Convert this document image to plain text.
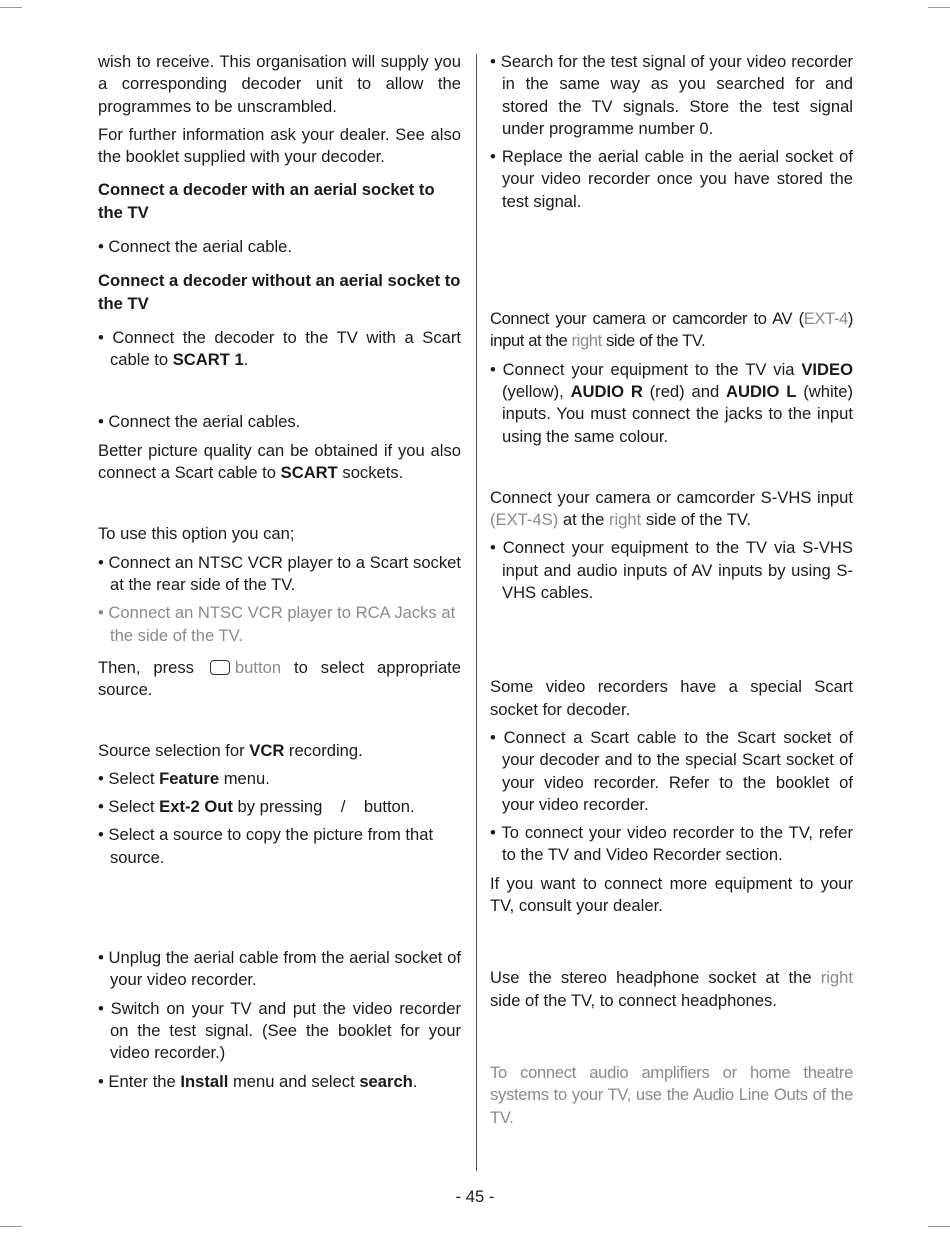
wish to receive. This organisation will supply you a corresponding decoder unit to allow the programmes to be unscrambled.

For further information ask your dealer. See also the booklet supplied with your decoder.

Connect a decoder with an aerial socket to the TV

• Connect the aerial cable.

Connect a decoder without an aerial socket to the TV

• Connect the decoder to the TV with a Scart cable to SCART 1.

• Connect the aerial cables.

Better picture quality can be obtained if you also connect a Scart cable to SCART sockets.

To use this option you can;

• Connect an NTSC VCR player to a Scart socket at the rear side of the TV.

• Connect an NTSC VCR player to RCA Jacks at the side of the TV.

Then, press button to select appropriate source.

Source selection for VCR recording.

• Select Feature menu.

• Select Ext-2 Out by pressing    /    button.

• Select a source to copy the picture from that source.

• Unplug the aerial cable from the aerial socket of your video recorder.

• Switch on your TV and put the video recorder on the test signal. (See the booklet for your video recorder.)

• Enter the Install menu and select search.

• Search for the test signal of your video recorder in the same way as you searched for and stored the TV signals. Store the test signal under programme number 0.

• Replace the aerial cable in the aerial socket of your video recorder once you have stored the test signal.

Connect your camera or camcorder to AV (EXT-4) input at the right side of the TV.

• Connect your equipment to the TV via VIDEO (yellow), AUDIO R (red) and AUDIO L (white) inputs. You must connect the jacks to the input using the same colour.

Connect your camera or camcorder S-VHS input (EXT-4S) at the right side of the TV.

• Connect your equipment to the TV via S-VHS input and audio inputs of AV inputs by using S-VHS cables.

Some video recorders have a special Scart socket for decoder.

• Connect a Scart cable to the Scart socket of your decoder and to the special Scart socket of your video recorder. Refer to the booklet of your video recorder.

• To connect your video recorder to the TV, refer to the TV and Video Recorder section.

If you want to connect more equipment to your TV, consult your dealer.

Use the stereo headphone socket at the right side of the TV, to connect headphones.

To connect audio amplifiers or home theatre systems to your TV, use the Audio Line Outs of the TV.

- 45 -
